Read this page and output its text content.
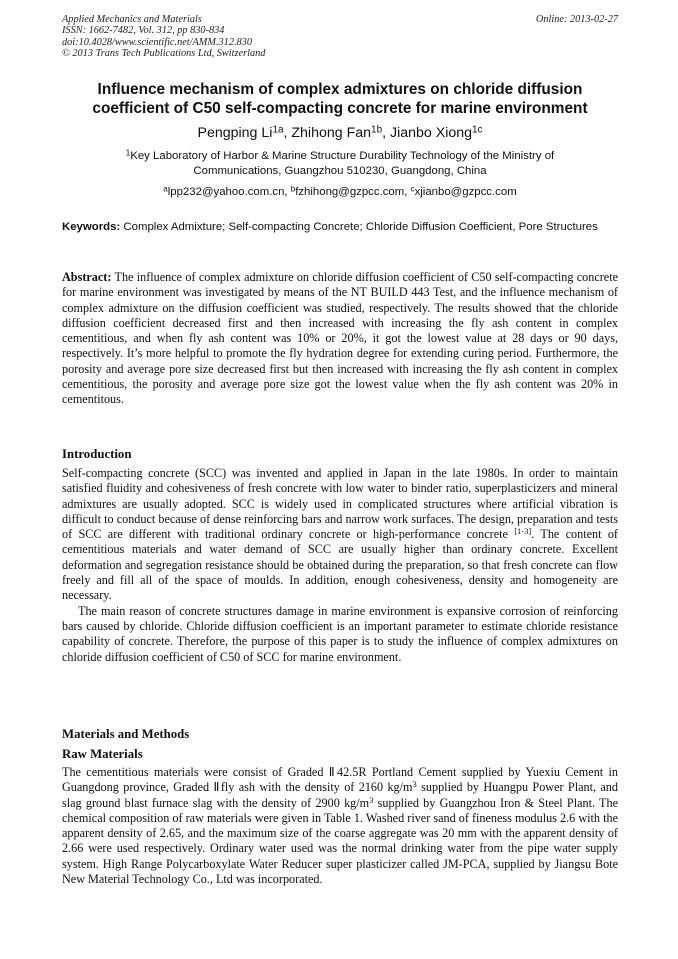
Applied Mechanics and Materials
ISSN: 1662-7482, Vol. 312, pp 830-834
doi:10.4028/www.scientific.net/AMM.312.830
© 2013 Trans Tech Publications Ltd, Switzerland
Online: 2013-02-27
Influence mechanism of complex admixtures on chloride diffusion
coefficient of C50 self-compacting concrete for marine environment
Pengping $Li^{1a}$, Zhihong Fan$^{1b}$, Jianbo Xiong$^{1c}$
$^1$Key Laboratory of Harbor & Marine Structure Durability Technology of the Ministry of
Communications, Guangzhou 510230, Guangdong, China
$^a$lpp232@yahoo.com.cn, $^b$fzhihong@gzpcc.com, $^c$xjianbo@gzpcc.com
Keywords: Complex Admixture; Self-compacting Concrete; Chloride Diffusion Coefficient, Pore Structures
Abstract: The influence of complex admixture on chloride diffusion coefficient of C50 self-compacting concrete for marine environment was investigated by means of the NT BUILD 443 Test, and the influence mechanism of complex admixture on the diffusion coefficient was studied, respectively. The results showed that the chloride diffusion coefficient decreased first and then increased with increasing the fly ash content in complex cementitious, and when fly ash content was 10% or 20%, it got the lowest value at 28 days or 90 days, respectively. It’s more helpful to promote the fly hydration degree for extending curing period. Furthermore, the porosity and average pore size decreased first but then increased with increasing the fly ash content in complex cementitious, the porosity and average pore size got the lowest value when the fly ash content was 20% in cementitous.
Introduction

Self-compacting concrete (SCC) was invented and applied in Japan in the late 1980s. In order to maintain satisfied fluidity and cohesiveness of fresh concrete with low water to binder ratio, superplasticizers and mineral admixtures are usually adopted. SCC is widely used in complicated structures where artificial vibration is difficult to conduct because of dense reinforcing bars and narrow work surfaces. The design, preparation and tests of SCC are different with traditional ordinary concrete or high-performance concrete [1-3]. The content of cementitious materials and water demand of SCC are usually higher than ordinary concrete. Excellent deformation and segregation resistance should be obtained during the preparation, so that fresh concrete can flow freely and fill all of the space of moulds. In addition, enough cohesiveness, density and homogeneity are necessary.

The main reason of concrete structures damage in marine environment is expansive corrosion of reinforcing bars caused by chloride. Chloride diffusion coefficient is an important parameter to estimate chloride resistance capability of concrete. Therefore, the purpose of this paper is to study the influence of complex admixtures on chloride diffusion coefficient of C50 of SCC for marine environment.

Materials and Methods
Raw Materials

The cementitious materials were consist of Graded Ⅱ42.5R Portland Cement supplied by Yuexiu Cement in Guangdong province, Graded Ⅱfly ash with the density of 2160 $kg/m^3$ supplied by Huangpu Power Plant, and slag ground blast furnace slag with the density of 2900 $kg/m^3$ supplied by Guangzhou Iron & Steel Plant. The chemical composition of raw materials were given in Table 1. Washed river sand of fineness modulus 2.6 with the apparent density of 2.65, and the maximum size of the coarse aggregate was 20 mm with the apparent density of 2.66 were used respectively. Ordinary water used was the normal drinking water from the pipe water supply system. High Range Polycarboxylate Water Reducer super plasticizer called JM-PCA, supplied by Jiangsu Bote New Material Technology Co., Ltd was incorporated.
